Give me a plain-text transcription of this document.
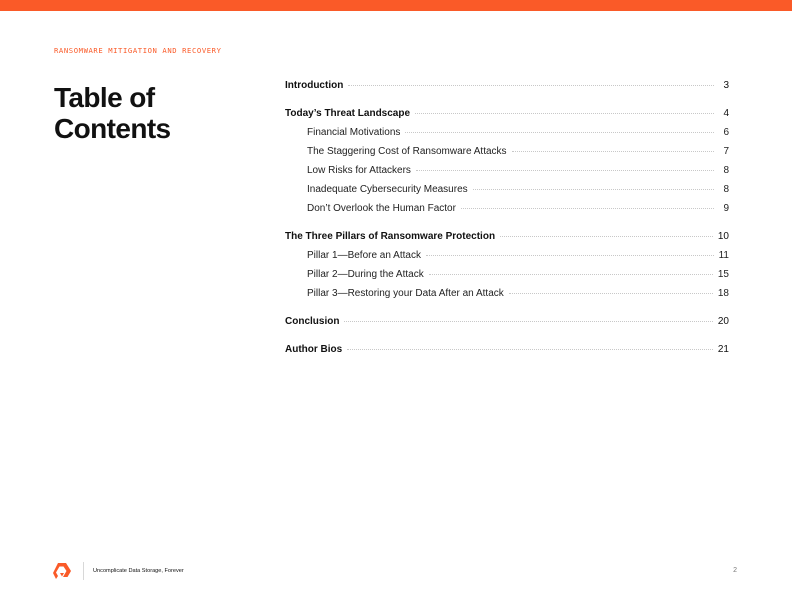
RANSOMWARE MITIGATION AND RECOVERY
Table of Contents
Introduction	3
Today’s Threat Landscape	4
Financial Motivations	6
The Staggering Cost of Ransomware Attacks	7
Low Risks for Attackers	8
Inadequate Cybersecurity Measures	8
Don’t Overlook the Human Factor	9
The Three Pillars of Ransomware Protection	10
Pillar 1—Before an Attack	11
Pillar 2—During the Attack	15
Pillar 3—Restoring your Data After an Attack	18
Conclusion	20
Author Bios	21
Uncomplicate Data Storage, Forever	2
